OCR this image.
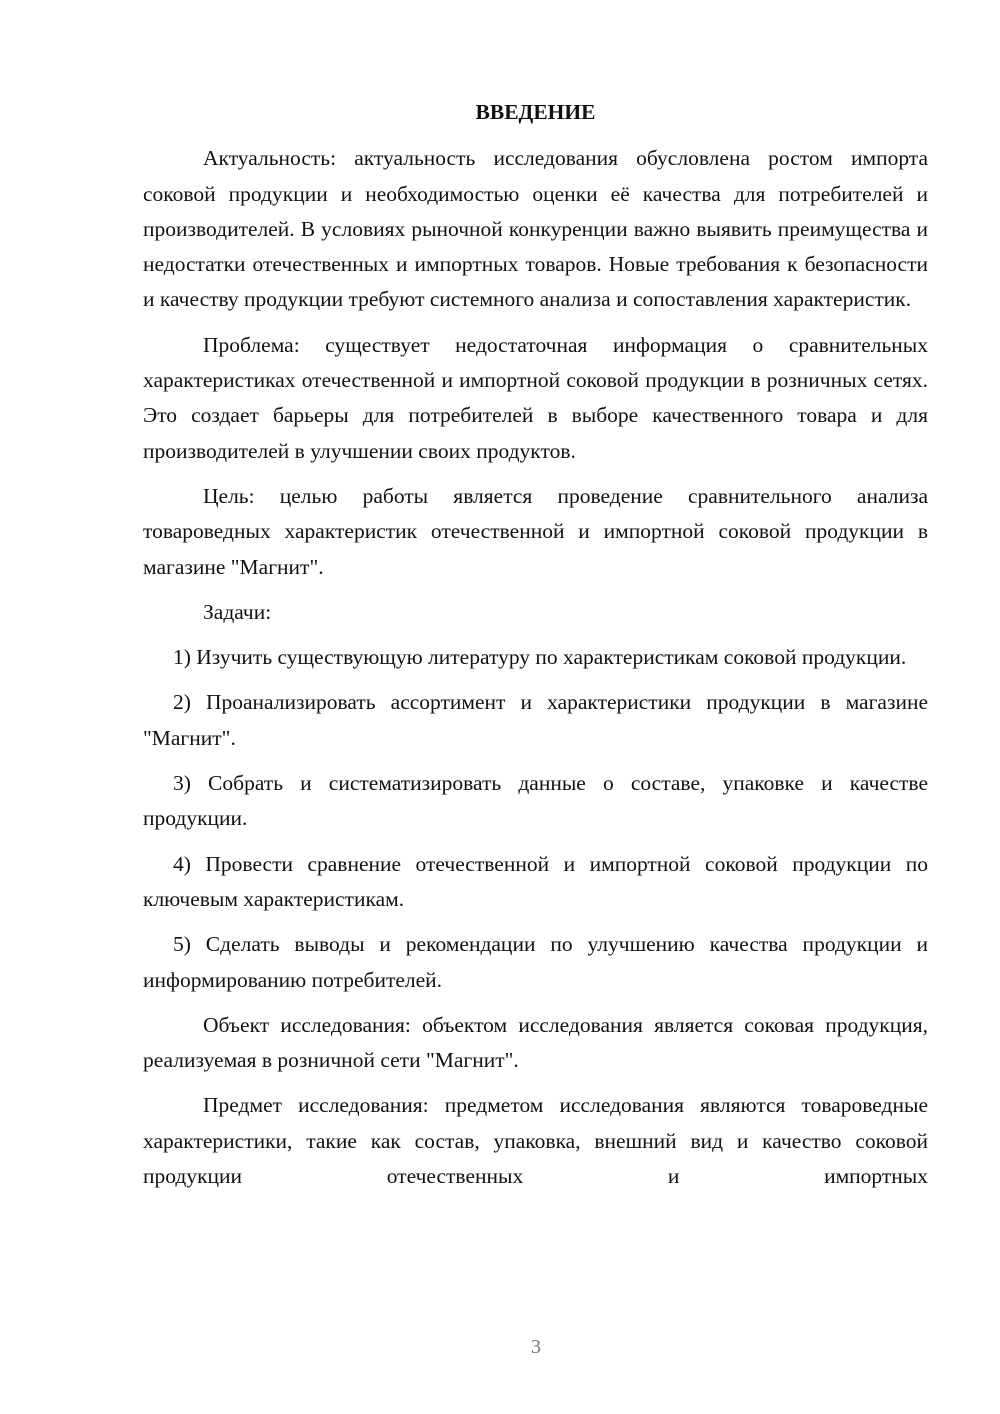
ВВЕДЕНИЕ

Актуальность: актуальность исследования обусловлена ростом импорта соковой продукции и необходимостью оценки её качества для потребителей и производителей. В условиях рыночной конкуренции важно выявить преимущества и недостатки отечественных и импортных товаров. Новые требования к безопасности и качеству продукции требуют системного анализа и сопоставления характеристик.

Проблема: существует недостаточная информация о сравнительных характеристиках отечественной и импортной соковой продукции в розничных сетях. Это создает барьеры для потребителей в выборе качественного товара и для производителей в улучшении своих продуктов.

Цель: целью работы является проведение сравнительного анализа товароведных характеристик отечественной и импортной соковой продукции в магазине "Магнит".

Задачи:

1) Изучить существующую литературу по характеристикам соковой продукции.

2) Проанализировать ассортимент и характеристики продукции в магазине "Магнит".

3) Собрать и систематизировать данные о составе, упаковке и качестве продукции.

4) Провести сравнение отечественной и импортной соковой продукции по ключевым характеристикам.

5) Сделать выводы и рекомендации по улучшению качества продукции и информированию потребителей.

Объект исследования: объектом исследования является соковая продукция, реализуемая в розничной сети "Магнит".

Предмет исследования: предметом исследования являются товароведные характеристики, такие как состав, упаковка, внешний вид и качество соковой продукции отечественных и импортных

3
